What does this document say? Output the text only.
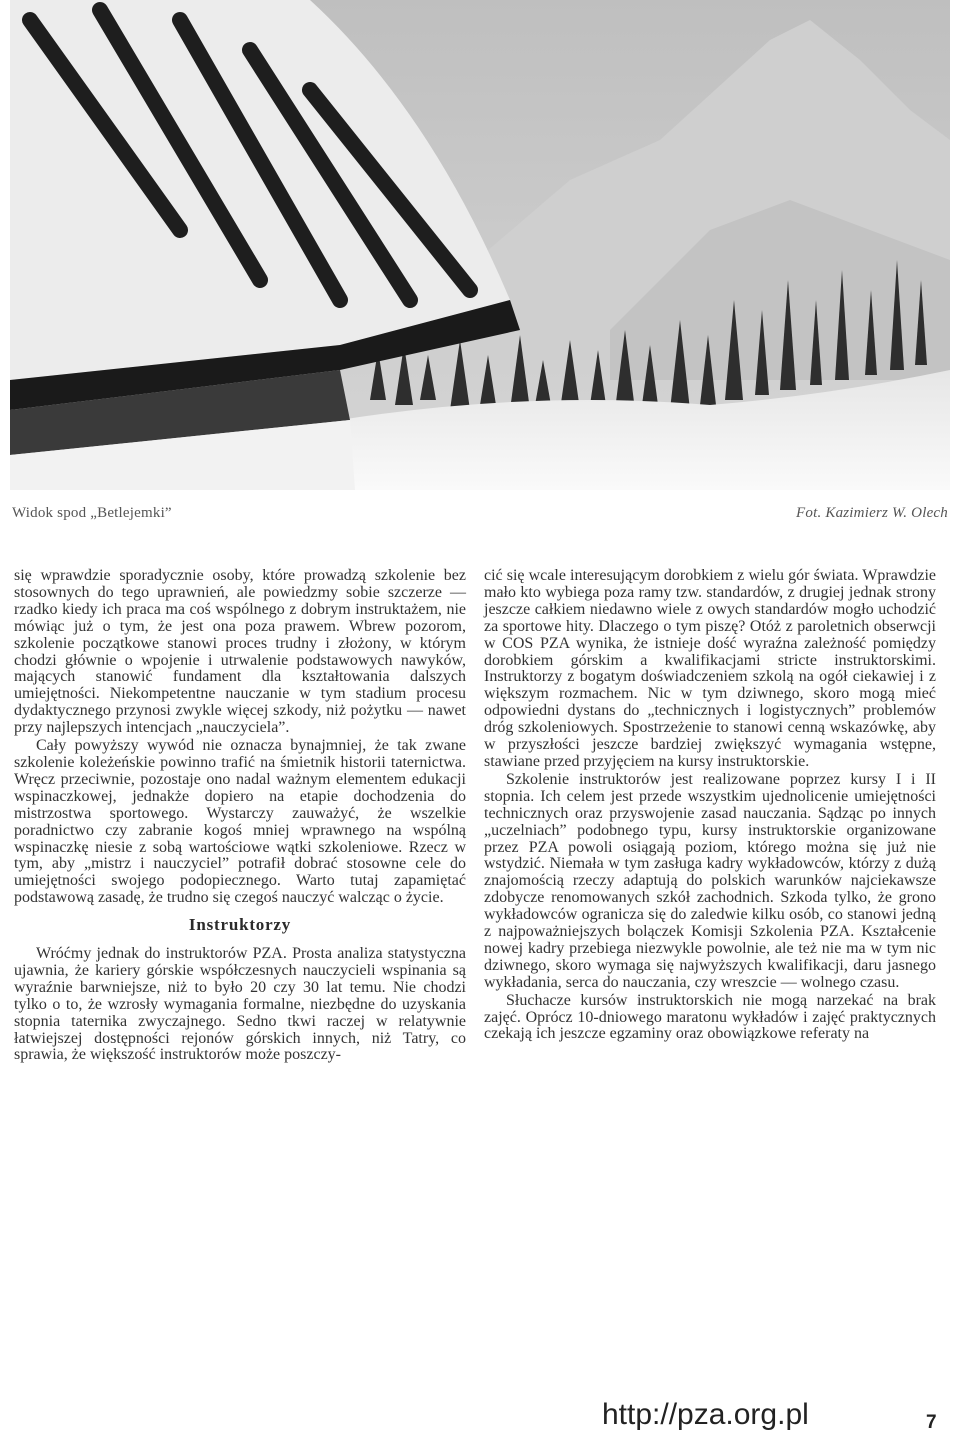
Widok spod „Betlejemki”	Fot. Kazimierz W. Olech

się wprawdzie sporadycznie osoby, które prowadzą szkolenie bez stosownych do tego uprawnień, ale powiedzmy sobie szczerze — rzadko kiedy ich praca ma coś wspólnego z dobrym instruktażem, nie mówiąc już o tym, że jest ona poza prawem. Wbrew pozorom, szkolenie początkowe stanowi proces trudny i złożony, w którym chodzi głównie o wpojenie i utrwalenie podstawowych nawyków, mających stanowić fundament dla kształtowania dalszych umiejętności. Niekompetentne nauczanie w tym stadium procesu dydaktycznego przynosi zwykle więcej szkody, niż pożytku — nawet przy najlepszych intencjach „nauczyciela”.

Cały powyższy wywód nie oznacza bynajmniej, że tak zwane szkolenie koleżeńskie powinno trafić na śmietnik historii taternictwa. Wręcz przeciwnie, pozostaje ono nadal ważnym elementem edukacji wspinaczkowej, jednakże dopiero na etapie dochodzenia do mistrzostwa sportowego. Wystarczy zauważyć, że wszelkie poradnictwo czy zabranie kogoś mniej wprawnego na wspólną wspinaczkę niesie z sobą wartościowe wątki szkoleniowe. Rzecz w tym, aby „mistrz i nauczyciel” potrafił dobrać stosowne cele do umiejętności swojego podopiecznego. Warto tutaj zapamiętać podstawową zasadę, że trudno się czegoś nauczyć walcząc o życie.

Instruktorzy

Wróćmy jednak do instruktorów PZA. Prosta analiza statystyczna ujawnia, że kariery górskie współczesnych nauczycieli wspinania są wyraźnie barwniejsze, niż to było 20 czy 30 lat temu. Nie chodzi tylko o to, że wzrosły wymagania formalne, niezbędne do uzyskania stopnia taternika zwyczajnego. Sedno tkwi raczej w relatywnie łatwiejszej dostępności rejonów górskich innych, niż Tatry, co sprawia, że większość instruktorów może poszczy-

cić się wcale interesującym dorobkiem z wielu gór świata. Wprawdzie mało kto wybiega poza ramy tzw. standardów, z drugiej jednak strony jeszcze całkiem niedawno wiele z owych standardów mogło uchodzić za sportowe hity. Dlaczego o tym piszę? Otóż z paroletnich obserwcji w COS PZA wynika, że istnieje dość wyraźna zależność pomiędzy dorobkiem górskim a kwalifikacjami stricte instruktorskimi. Instruktorzy z bogatym doświadczeniem szkolą na ogół ciekawiej i z większym rozmachem. Nic w tym dziwnego, skoro mogą mieć odpowiedni dystans do „technicznych i logistycznych” problemów dróg szkoleniowych. Spostrzeżenie to stanowi cenną wskazówkę, aby w przyszłości jeszcze bardziej zwiększyć wymagania wstępne, stawiane przed przyjęciem na kursy instruktorskie.

Szkolenie instruktorów jest realizowane poprzez kursy I i II stopnia. Ich celem jest przede wszystkim ujednolicenie umiejętności technicznych oraz przyswojenie zasad nauczania. Sądząc po innych „uczelniach” podobnego typu, kursy instruktorskie organizowane przez PZA powoli osiągają poziom, którego można się już nie wstydzić. Niemała w tym zasługa kadry wykładowców, którzy z dużą znajomością rzeczy adaptują do polskich warunków najciekawsze zdobycze renomowanych szkół zachodnich. Szkoda tylko, że grono wykładowców ogranicza się do zaledwie kilku osób, co stanowi jedną z najpoważniejszych bolączek Komisji Szkolenia PZA. Kształcenie nowej kadry przebiega niezwykle powolnie, ale też nie ma w tym nic dziwnego, skoro wymaga się najwyższych kwalifikacji, daru jasnego wykładania, serca do nauczania, czy wreszcie — wolnego czasu.

Słuchacze kursów instruktorskich nie mogą narzekać na brak zajęć. Oprócz 10-dniowego maratonu wykładów i zajęć praktycznych czekają ich jeszcze egzaminy oraz obowiązkowe referaty na

http://pza.org.pl	7
